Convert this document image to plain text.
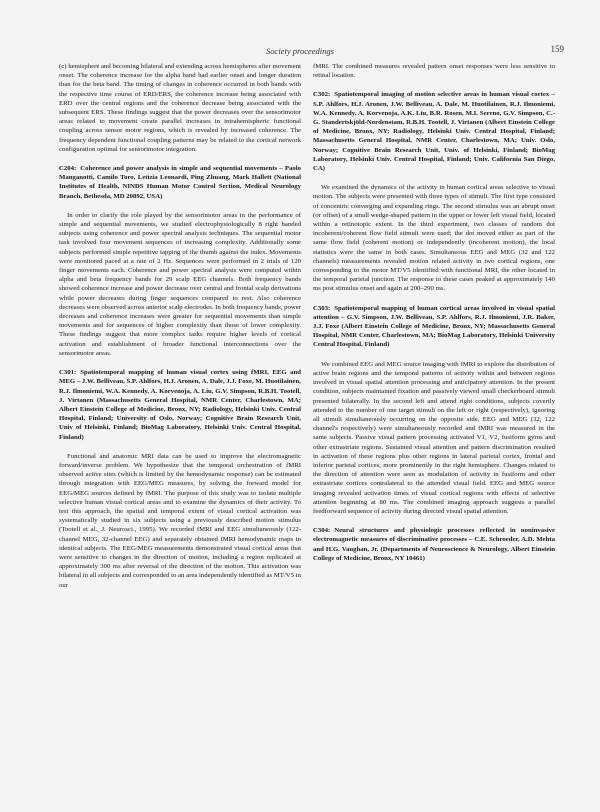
Society proceedings	159

(c) hemisphere and becoming bilateral and extending across hemispheres after movement onset. The coherence increase for the alpha band had earlier onset and longer duration than for the beta band. The timing of changes in coherence occurred in both bands with the respective time course of ERD/ERS, the coherence increase being associated with ERD over the central regions and the coherence decrease being associated with the subsequent ERS. These findings suggest that the power decreases over the sensorimotor areas related to movement create parallel increases in intrahemispheric functional coupling across sensor motor regions, which is revealed by increased coherence. The frequency dependent functional coupling patterns may be related to the cortical network configuration optimal for sensorimotor integration.

C204: Coherence and power analysis in simple and sequential movements – Paolo Manganotti, Camilo Toro, Letizia Leonardi, Ping Zhuang, Mark Hallett (National Institutes of Health, NINDS Human Motor Control Section, Medical Neurology Branch, Bethesda, MD 20892, USA)

In order to clarify the role played by the sensorimotor areas in the performance of simple and sequential movements, we studied electrophysiologically 8 right handed subjects using coherence and power spectral analysis techniques. The sequential motor task involved four movement sequences of increasing complexity. Additionally some subjects performed simple repetitive tapping of the thumb against the index. Movements were monitored paced at a rate of 2 Hz. Sequences were performed in 2 trials of 120 finger movements each. Coherence and power spectral analysis were computed within alpha and beta frequency bands for 29 scalp EEG channels. Both frequency bands showed coherence increase and power decrease over central and frontal scalp derivations while power decreases during finger sequences compared to rest. Also coherence decreases were observed across anterior scalp electrodes. In both frequency bands, power decreases and coherence increases were greater for sequential movements than simple movements and for sequences of higher complexity than those of lower complexity. These findings suggest that more complex tasks require higher levels of cortical activation and establishment of broader functional interconnections over the sensorimotor areas.

C301: Spatiotemporal mapping of human visual cortex using fMRI, EEG and MEG – J.W. Belliveau, S.P. Ahlfors, H.J. Aronen, A. Dale, J.J. Foxe, M. Huotilainen, R.J. Ilmoniemi, W.A. Kennedy, A. Korvenoja, A. Liu, G.V. Simpson, R.B.H. Tootell, J. Virtanen (Massachusetts General Hospital, NMR Center, Charlestown, MA; Albert Einstein College of Medicine, Bronx, NY; Radiology, Helsinki Univ. Central Hospital, Finland; University of Oslo, Norway; Cognitive Brain Research Unit, Univ of Helsinki, Finland; BioMag Laboratory, Helsinki Univ. Central Hospital, Finland)

Functional and anatomic MRI data can be used to improve the electromagnetic forward/inverse problem. We hypothesize that the temporal orchestration of fMRI observed active sites (which is limited by the hemodynamic response) can be estimated through integration with EEG/MEG measures, by solving the forward model for EEG/MEG sources defined by fMRI. The purpose of this study was to isolate multiple selective human visual cortical areas and to examine the dynamics of their activity. To test this approach, the spatial and temporal extent of visual cortical activation was systematically studied in six subjects using a previously described motion stimulus (Tootell et al., J. Neurosci., 1995). We recorded fMRI and EEG simultaneously (122-channel MEG, 32-channel EEG) and separately obtained fMRI hemodynamic maps in identical subjects. The EEG/MEG measurements demonstrated visual cortical areas that were sensitive to changes in the direction of motion, including a region replicated at approximately 300 ms after reversal of the direction of the motion. This activation was bilateral in all subjects and corresponded to an area independently identified as MT/V5 in our

fMRI. The combined measures revealed pattern onset responses were less sensitive to retinal location.

C302: Spatiotemporal imaging of motion selective areas in human visual cortex – S.P. Ahlfors, H.J. Aronen, J.W. Belliveau, A. Dale, M. Huotilainen, R.J. Ilmoniemi, W.A. Kennedy, A. Korvenoja, A.K. Liu, B.R. Rosen, M.I. Sereno, G.V. Simpson, C.-G. Standertskjöld-Nordenstam, R.B.H. Tootell, J. Virtanen (Albert Einstein College of Medicine, Bronx, NY; Radiology, Helsinki Univ. Central Hospital, Finland; Massachusetts General Hospital, NMR Center, Charlestown, MA; Univ. Oslo, Norway; Cognitive Brain Research Unit, Univ. of Helsinki, Finland; BioMag Laboratory, Helsinki Univ. Central Hospital, Finland; Univ. California San Diego, CA)

We examined the dynamics of the activity in human cortical areas selective to visual motion. The subjects were presented with three types of stimuli. The first type consisted of concentric converging and expanding rings. The second stimulus was an abrupt onset (or offset) of a small wedge-shaped pattern in the upper or lower left visual field, located within a retinotopic extent. In the third experiment, two classes of random dot incoherent/coherent flow field stimuli were used; the dot moved either as part of the same flow field (coherent motion) or independently (incoherent motion), the local statistics were the same in both cases. Simultaneous EEG and MEG (32 and 122 channels) measurements revealed motion related activity in two cortical regions, one corresponding to the motor MT/V5 identified with functional MRI, the other located in the temporal parietal junction. The response to these cases peaked at approximately 140 ms post stimulus onset and again at 200–290 ms.

C303: Spatiotemporal mapping of human cortical areas involved in visual spatial attention – G.V. Simpson, J.W. Belliveau, S.P. Ahlfors, R.J. Ilmoniemi, J.R. Baker, J.J. Foxe (Albert Einstein College of Medicine, Bronx, NY; Massachusetts General Hospital, NMR Center, Charlestown, MA; BioMag Laboratory, Helsinki University Central Hospital, Finland)

We combined EEG and MEG source imaging with fMRI to explore the distribution of active brain regions and the temporal patterns of activity within and between regions involved in visual spatial attention processing and anticipatory attention. In the present condition, subjects maintained fixation and passively viewed small checkerboard stimuli presented bilaterally. In the second left and attend right conditions, subjects covertly attended to the number of one target stimuli on the left or right (respectively), ignoring all stimuli simultaneously occurring on the opposite side. EEG and MEG (32, 122 channel's respectively) were simultaneously recorded and fMRI was measured in the same subjects. Passive visual pattern processing activated V1, V2, fusiform gyrus and other extrastriate regions. Sustained visual attention and pattern discrimination resulted in activation of these regions plus other regions in lateral parietal cortex, frontal and inferior parietal cortices, more prominently in the right hemisphere. Changes related to the direction of attention were seen as modulation of activity in fusiform and other extrastriate cortices contralateral to the attended visual field. EEG and MEG source imaging revealed activation times of visual cortical regions with effects of selective attention beginning at 80 ms. The combined imaging approach suggests a parallel feedforward sequence of activity during directed visual spatial attention.

C304: Neural structures and physiologic processes reflected in noninvasive electromagnetic measures of discriminative processes – C.E. Schroeder, A.D. Mehta and H.G. Vaughan, Jr. (Departments of Neuroscience & Neurology, Albert Einstein College of Medicine, Bronx, NY 10461)
